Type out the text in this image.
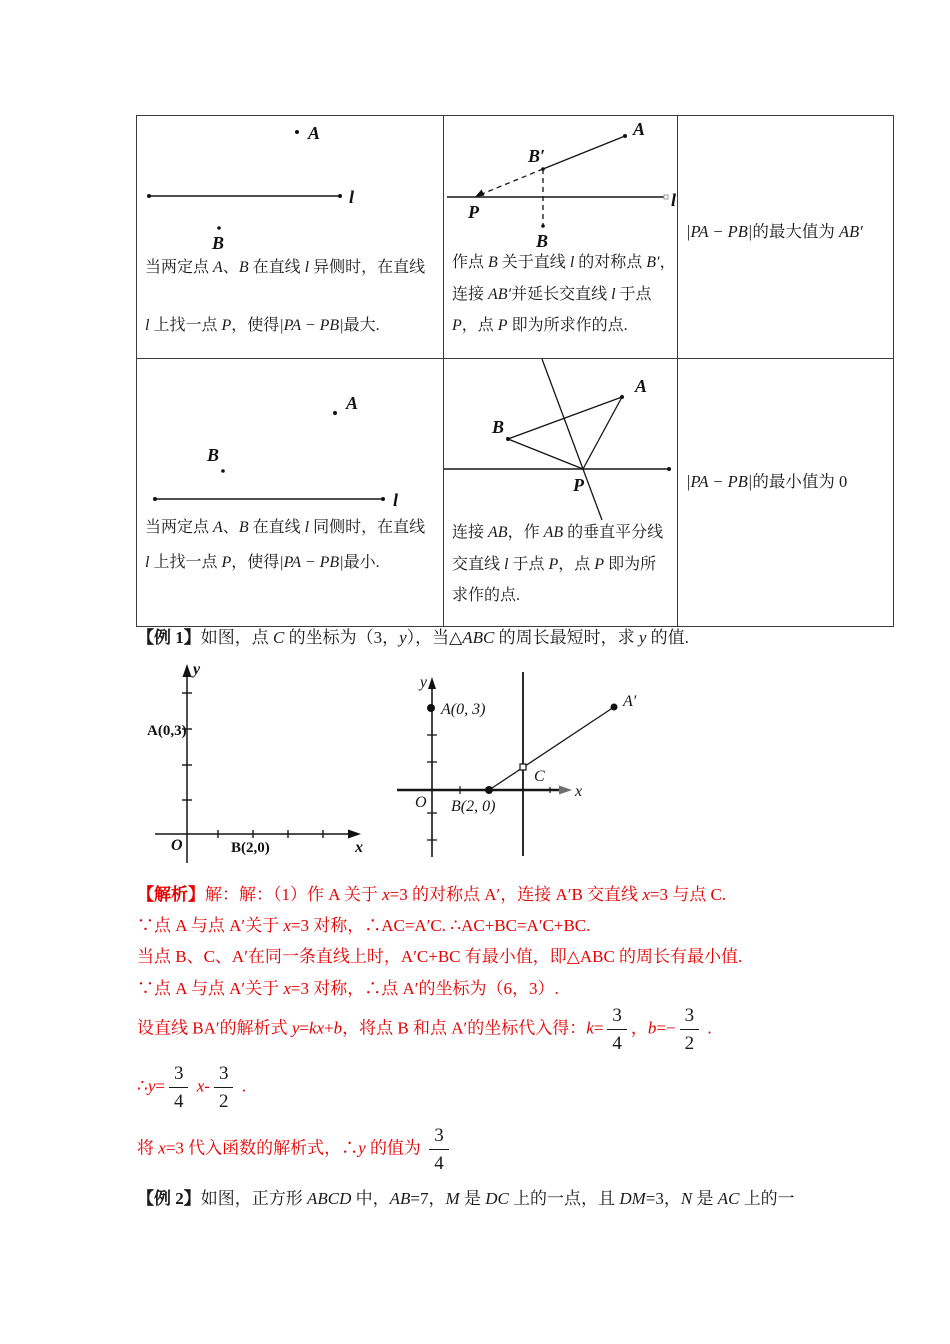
A
l
B
当两定点 A、B 在直线 l 异侧时，在直线
l 上找一点 P，使得|PA − PB|最大.
l
A
B′
P
B
作点 B 关于直线 l 的对称点 B′，
连接 AB′并延长交直线 l 于点
P，点 P 即为所求作的点.
|PA − PB|的最大值为 AB′
A
B
l
当两定点 A、B 在直线 l 同侧时，在直线
l 上找一点 P，使得|PA − PB|最小.
B
A
P
连接 AB，作 AB 的垂直平分线
交直线 l 于点 P，点 P 即为所
求作的点.
|PA − PB|的最小值为 0
【例 1】如图，点 C 的坐标为（3，y），当△ABC 的周长最短时，求 y 的值.
y
A(0,3)
x
O	B(2,0)
y
x
O
A(0, 3)
B(2, 0)
A′
C
【解析】解：解：（1）作 A 关于 x=3 的对称点 A′，连接 A′B 交直线 x=3 与点 C.
∵点 A 与点 A′关于 x=3 对称，∴AC=A′C. ∴AC+BC=A′C+BC.
当点 B、C、A′在同一条直线上时，A′C+BC 有最小值，即△ABC 的周长有最小值.
∵点 A 与点 A′关于 x=3 对称，∴点 A′的坐标为（6，3）.
设直线 BA′的解析式 y=kx+b，将点 B 和点 A′的坐标代入得：$k= \frac{3}{4}$ ，$b=- \frac{3}{2}$ .
∴y= $\frac{3}{4} x- \frac{3}{2}$ .
将 x=3 代入函数的解析式，∴y 的值为 $\frac{3}{4}$
【例 2】如图，正方形 ABCD 中，AB=7，M 是 DC 上的一点，且 DM=3，N 是 AC 上的一
